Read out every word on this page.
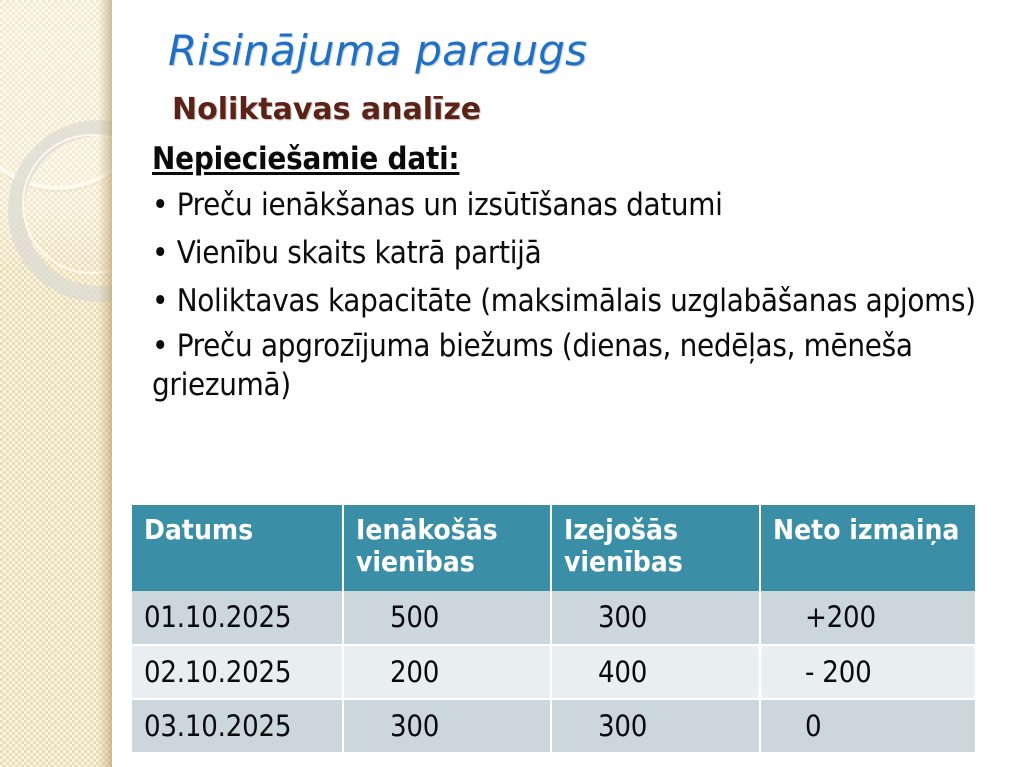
Risinājuma paraugs
Noliktavas analīze
Nepieciešamie dati:
• Preču ienākšanas un izsūtīšanas datumi
• Vienību skaits katrā partijā
• Noliktavas kapacitāte (maksimālais uzglabāšanas apjoms)
• Preču apgrozījuma biežums (dienas, nedēļas, mēneša griezumā)
Datums	Ienākošās vienības	Izejošās vienības	Neto izmaiņa
01.10.2025	500	300	+200
02.10.2025	200	400	- 200
03.10.2025	300	300	0
